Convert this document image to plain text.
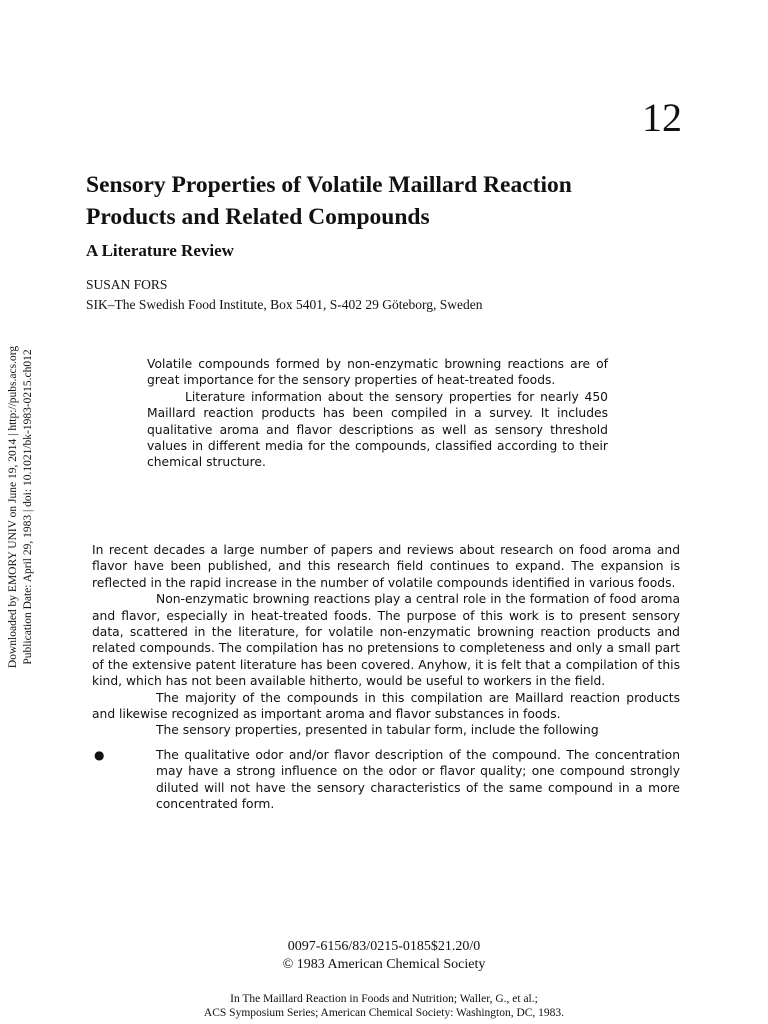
12
Sensory Properties of Volatile Maillard Reaction
Products and Related Compounds
A Literature Review
SUSAN FORS
SIK–The Swedish Food Institute, Box 5401, S-402 29 Göteborg, Sweden
Downloaded by EMORY UNIV on June 19, 2014 | http://pubs.acs.org Publication Date: April 29, 1983 | doi: 10.1021/bk-1983-0215.ch012	Volatile compounds formed by non-enzymatic browning reactions are of great importance for the sensory properties of heat-treated foods.

Literature information about the sensory properties for nearly 450 Maillard reaction products has been compiled in a survey. It includes qualitative aroma and flavor descriptions as well as sensory threshold values in different media for the compounds, classified according to their chemical structure.

In recent decades a large number of papers and reviews about research on food aroma and flavor have been published, and this research field continues to expand. The expansion is reflected in the rapid increase in the number of volatile compounds identified in various foods.

Non-enzymatic browning reactions play a central role in the formation of food aroma and flavor, especially in heat-treated foods. The purpose of this work is to present sensory data, scattered in the literature, for volatile non-enzymatic browning reaction products and related compounds. The compilation has no pretensions to completeness and only a small part of the extensive patent literature has been covered. Anyhow, it is felt that a compilation of this kind, which has not been available hitherto, would be useful to workers in the field.

The majority of the compounds in this compilation are Maillard reaction products and likewise recognized as important aroma and flavor substances in foods.

The sensory properties, presented in tabular form, include the following

●	The qualitative odor and/or flavor description of the compound. The concentration may have a strong influence on the odor or flavor quality; one compound strongly diluted will not have the sensory characteristics of the same compound in a more concentrated form.
0097-6156/83/0215-0185$21.20/0
© 1983 American Chemical Society
In The Maillard Reaction in Foods and Nutrition; Waller, G., et al.;
ACS Symposium Series; American Chemical Society: Washington, DC, 1983.
